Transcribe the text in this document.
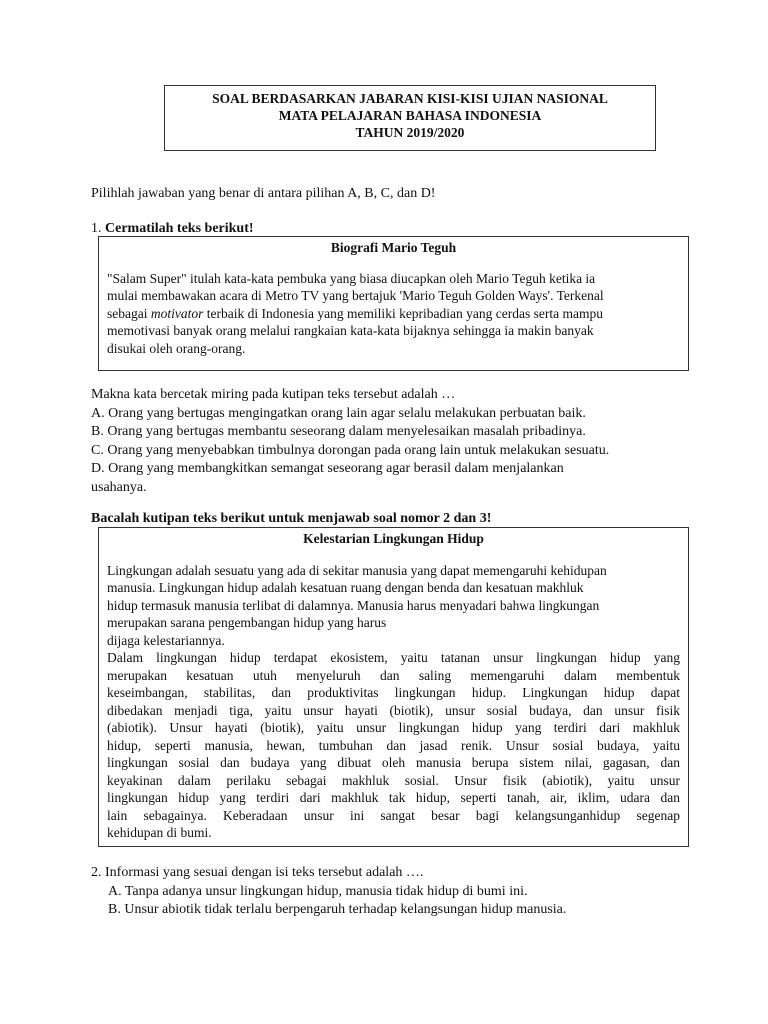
SOAL BERDASARKAN JABARAN KISI-KISI UJIAN NASIONAL
MATA PELAJARAN BAHASA INDONESIA
TAHUN 2019/2020
Pilihlah jawaban yang benar di antara pilihan A, B, C, dan D!
1. Cermatilah teks berikut!
Biografi Mario Teguh
"Salam Super" itulah kata-kata pembuka yang biasa diucapkan oleh Mario Teguh ketika ia
mulai membawakan acara di Metro TV yang bertajuk 'Mario Teguh Golden Ways'. Terkenal
sebagai motivator terbaik di Indonesia yang memiliki kepribadian yang cerdas serta mampu
memotivasi banyak orang melalui rangkaian kata-kata bijaknya sehingga ia makin banyak
disukai oleh orang-orang.
Makna kata bercetak miring pada kutipan teks tersebut adalah …
A. Orang yang bertugas mengingatkan orang lain agar selalu melakukan perbuatan baik.
B. Orang yang bertugas membantu seseorang dalam menyelesaikan masalah pribadinya.
C. Orang yang menyebabkan timbulnya dorongan pada orang lain untuk melakukan sesuatu.
D. Orang yang membangkitkan semangat seseorang agar berasil dalam menjalankan
usahanya.
Bacalah kutipan teks berikut untuk menjawab soal nomor 2 dan 3!
Kelestarian Lingkungan Hidup
Lingkungan adalah sesuatu yang ada di sekitar manusia yang dapat memengaruhi kehidupan
manusia. Lingkungan hidup adalah kesatuan ruang dengan benda dan kesatuan makhluk
hidup termasuk manusia terlibat di dalamnya. Manusia harus menyadari bahwa lingkungan
merupakan sarana pengembangan hidup yang harus
dijaga kelestariannya.
Dalam lingkungan hidup terdapat ekosistem, yaitu tatanan unsur lingkungan hidup yang
merupakan kesatuan utuh menyeluruh dan saling memengaruhi dalam membentuk
keseimbangan, stabilitas, dan produktivitas lingkungan hidup. Lingkungan hidup dapat
dibedakan menjadi tiga, yaitu unsur hayati (biotik), unsur sosial budaya, dan unsur fisik
(abiotik). Unsur hayati (biotik), yaitu unsur lingkungan hidup yang terdiri dari makhluk
hidup, seperti manusia, hewan, tumbuhan dan jasad renik. Unsur sosial budaya, yaitu
lingkungan sosial dan budaya yang dibuat oleh manusia berupa sistem nilai, gagasan, dan
keyakinan dalam perilaku sebagai makhluk sosial. Unsur fisik (abiotik), yaitu unsur
lingkungan hidup yang terdiri dari makhluk tak hidup, seperti tanah, air, iklim, udara dan
lain sebagainya. Keberadaan unsur ini sangat besar bagi kelangsunganhidup segenap
kehidupan di bumi.
2. Informasi yang sesuai dengan isi teks tersebut adalah ….
A. Tanpa adanya unsur lingkungan hidup, manusia tidak hidup di bumi ini.
B. Unsur abiotik tidak terlalu berpengaruh terhadap kelangsungan hidup manusia.
